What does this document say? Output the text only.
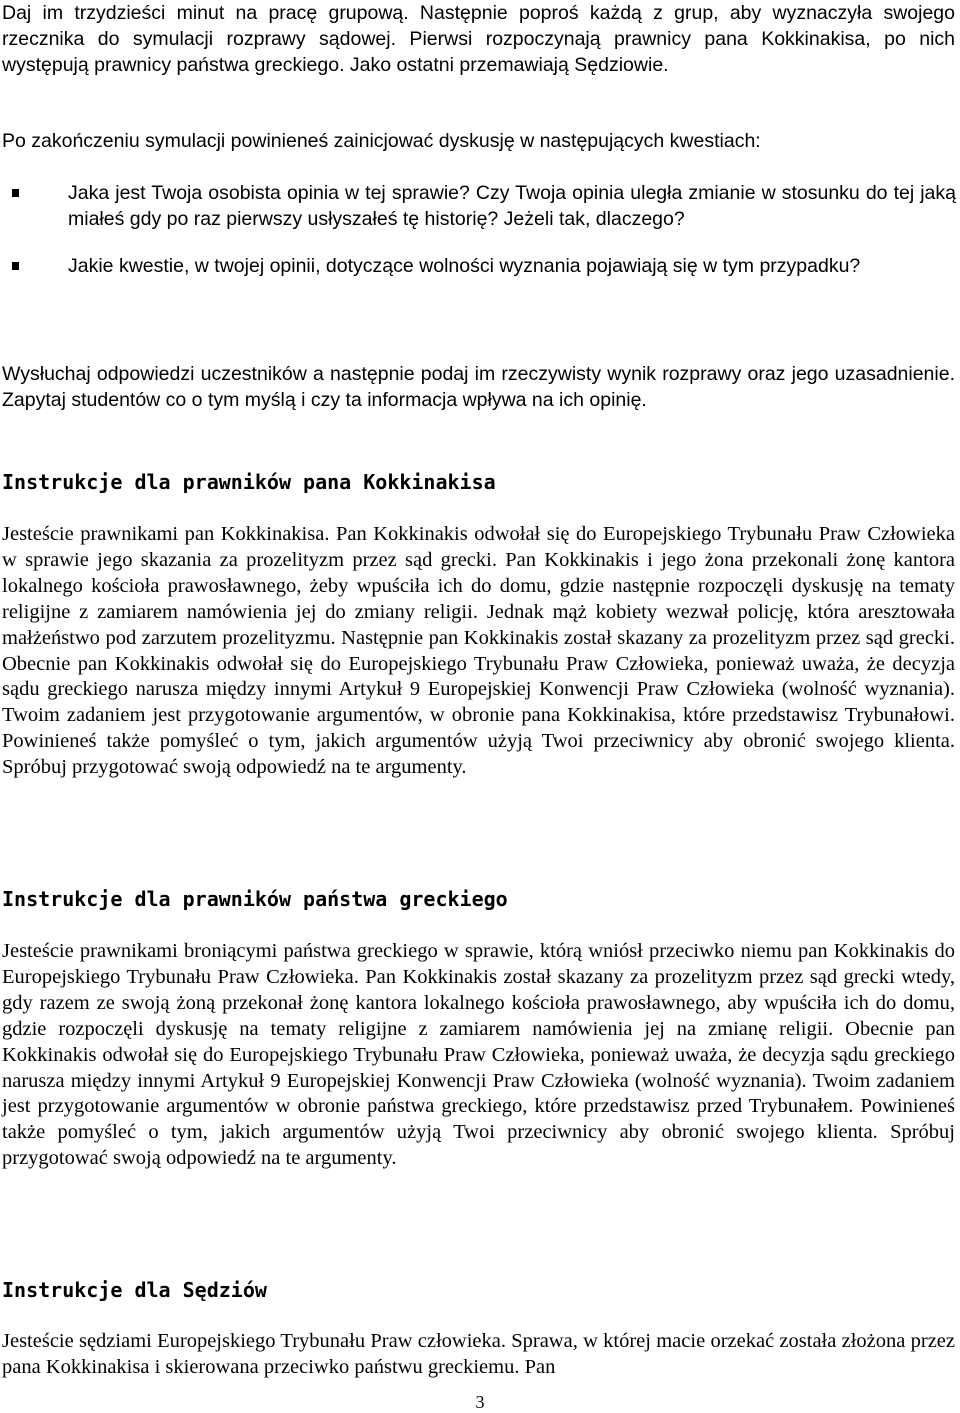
Daj im trzydzieści minut na pracę grupową. Następnie poproś każdą z grup, aby wyznaczyła swojego rzecznika do symulacji rozprawy sądowej. Pierwsi rozpoczynają prawnicy pana Kokkinakisa, po nich występują prawnicy państwa greckiego. Jako ostatni przemawiają Sędziowie.

Po zakończeniu symulacji powinieneś zainicjować dyskusję w następujących kwestiach:

Jaka jest Twoja osobista opinia w tej sprawie? Czy Twoja opinia uległa zmianie w stosunku do tej jaką miałeś gdy po raz pierwszy usłyszałeś tę historię? Jeżeli tak, dlaczego?
Jakie kwestie, w twojej opinii, dotyczące wolności wyznania pojawiają się w tym przypadku?

Wysłuchaj odpowiedzi uczestników a następnie podaj im rzeczywisty wynik rozprawy oraz jego uzasadnienie. Zapytaj studentów co o tym myślą i czy ta informacja wpływa na ich opinię.

Instrukcje dla prawników pana Kokkinakisa

Jesteście prawnikami pan Kokkinakisa. Pan Kokkinakis odwołał się do Europejskiego Trybunału Praw Człowieka w sprawie jego skazania za prozelityzm przez sąd grecki. Pan Kokkinakis i jego żona przekonali żonę kantora lokalnego kościoła prawosławnego, żeby wpuściła ich do domu, gdzie następnie rozpoczęli dyskusję na tematy religijne z zamiarem namówienia jej do zmiany religii. Jednak mąż kobiety wezwał policję, która aresztowała małżeństwo pod zarzutem prozelityzmu. Następnie pan Kokkinakis został skazany za prozelityzm przez sąd grecki. Obecnie pan Kokkinakis odwołał się do Europejskiego Trybunału Praw Człowieka, ponieważ uważa, że decyzja sądu greckiego narusza między innymi Artykuł 9 Europejskiej Konwencji Praw Człowieka (wolność wyznania). Twoim zadaniem jest przygotowanie argumentów, w obronie pana Kokkinakisa, które przedstawisz Trybunałowi. Powinieneś także pomyśleć o tym, jakich argumentów użyją Twoi przeciwnicy aby obronić swojego klienta. Spróbuj przygotować swoją odpowiedź na te argumenty.

Instrukcje dla prawników państwa greckiego

Jesteście prawnikami broniącymi państwa greckiego w sprawie, którą wniósł przeciwko niemu pan Kokkinakis do Europejskiego Trybunału Praw Człowieka. Pan Kokkinakis został skazany za prozelityzm przez sąd grecki wtedy, gdy razem ze swoją żoną przekonał żonę kantora lokalnego kościoła prawosławnego, aby wpuściła ich do domu, gdzie rozpoczęli dyskusję na tematy religijne z zamiarem namówienia jej na zmianę religii. Obecnie pan Kokkinakis odwołał się do Europejskiego Trybunału Praw Człowieka, ponieważ uważa, że decyzja sądu greckiego narusza między innymi Artykuł 9 Europejskiej Konwencji Praw Człowieka (wolność wyznania). Twoim zadaniem jest przygotowanie argumentów w obronie państwa greckiego, które przedstawisz przed Trybunałem. Powinieneś także pomyśleć o tym, jakich argumentów użyją Twoi przeciwnicy aby obronić swojego klienta. Spróbuj przygotować swoją odpowiedź na te argumenty.

Instrukcje dla Sędziów

Jesteście sędziami Europejskiego Trybunału Praw człowieka. Sprawa, w której macie orzekać została złożona przez pana Kokkinakisa i skierowana przeciwko państwu greckiemu. Pan

3
